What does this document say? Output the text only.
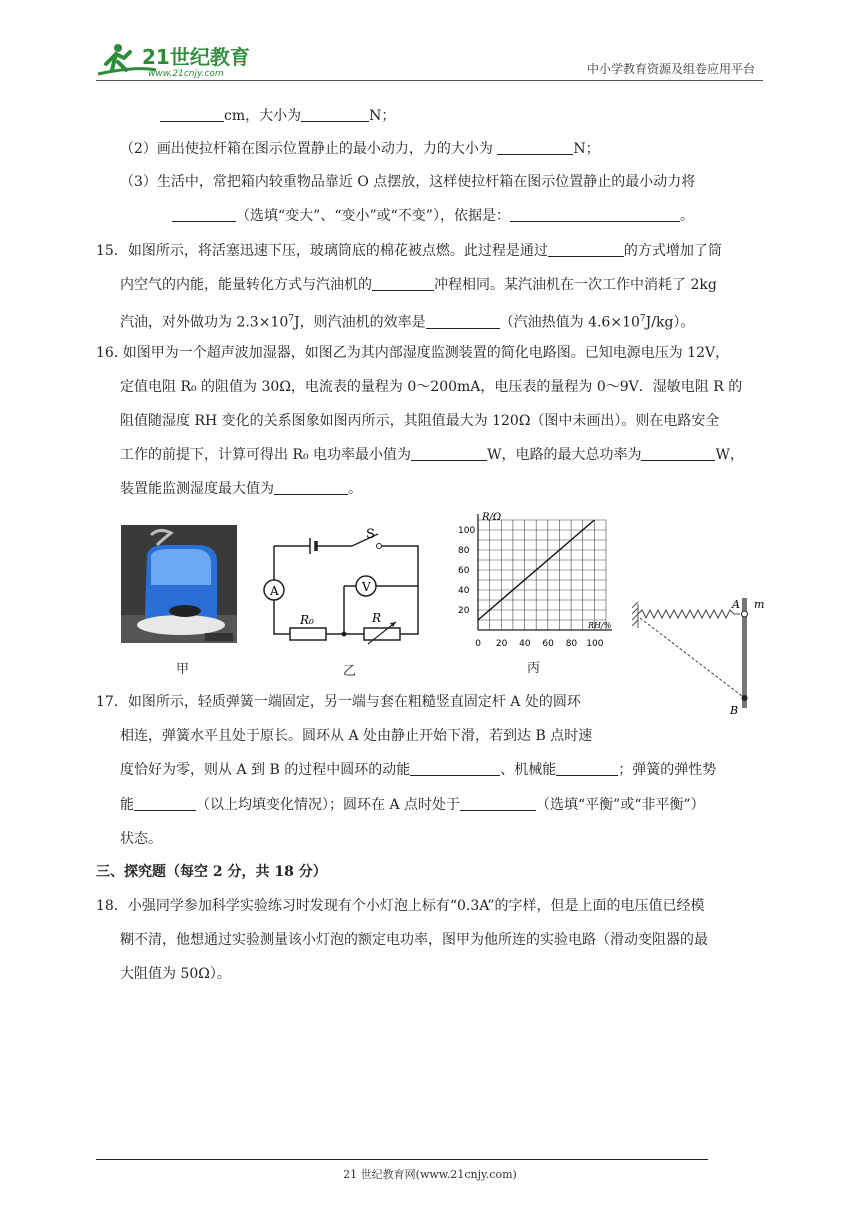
21世纪教育
www.21cnjy.com	中小学教育资源及组卷应用平台
cm，大小为	N；
（2）画出使拉杆箱在图示位置静止的最小动力，力的大小为	N；
（3）生活中，常把箱内较重物品靠近 O 点摆放，这样使拉杆箱在图示位置静止的最小动力将
（选填“变大”、“变小”或“不变”），依据是：	。
15．如图所示，将活塞迅速下压，玻璃筒底的棉花被点燃。此过程是通过	的方式增加了筒
内空气的内能，能量转化方式与汽油机的	冲程相同。某汽油机在一次工作中消耗了 2kg
汽油，对外做功为 $2.3\times 10^7J$，则汽油机的效率是	（汽油热值为 $4.6\times 10^7J/kg$）。
16. 如图甲为一个超声波加湿器，如图乙为其内部湿度监测装置的简化电路图。已知电源电压为 12V，
定值电阻 R₀ 的阻值为 30Ω，电流表的量程为 0～200mA，电压表的量程为 0～9V．湿敏电阻 R 的
阻值随湿度 RH 变化的关系图象如图丙所示，其阻值最大为 120Ω（图中未画出）。则在电路安全
工作的前提下，计算可得出 R₀ 电功率最小值为	W，电路的最大总功率为	W，
装置能监测湿度最大值为	。
甲
S
A	V
R₀	R
乙
R/Ω
RH/%
100
80
60
40
20
0 20 40 60 80 100
丙
A m
B
17．如图所示，轻质弹簧一端固定，另一端与套在粗糙竖直固定杆 A 处的圆环
相连，弹簧水平且处于原长。圆环从 A 处由静止开始下滑，若到达 B 点时速
度恰好为零，则从 A 到 B 的过程中圆环的动能	、机械能	；弹簧的弹性势
能	（以上均填变化情况）；圆环在 A 点时处于	（选填“平衡”或“非平衡”）
状态。
三、探究题（每空 2 分，共 18 分）
18．小强同学参加科学实验练习时发现有个小灯泡上标有“0.3A”的字样，但是上面的电压值已经模
糊不清，他想通过实验测量该小灯泡的额定电功率，图甲为他所连的实验电路（滑动变阻器的最
大阻值为 50Ω）。
21 世纪教育网(www.21cnjy.com)
